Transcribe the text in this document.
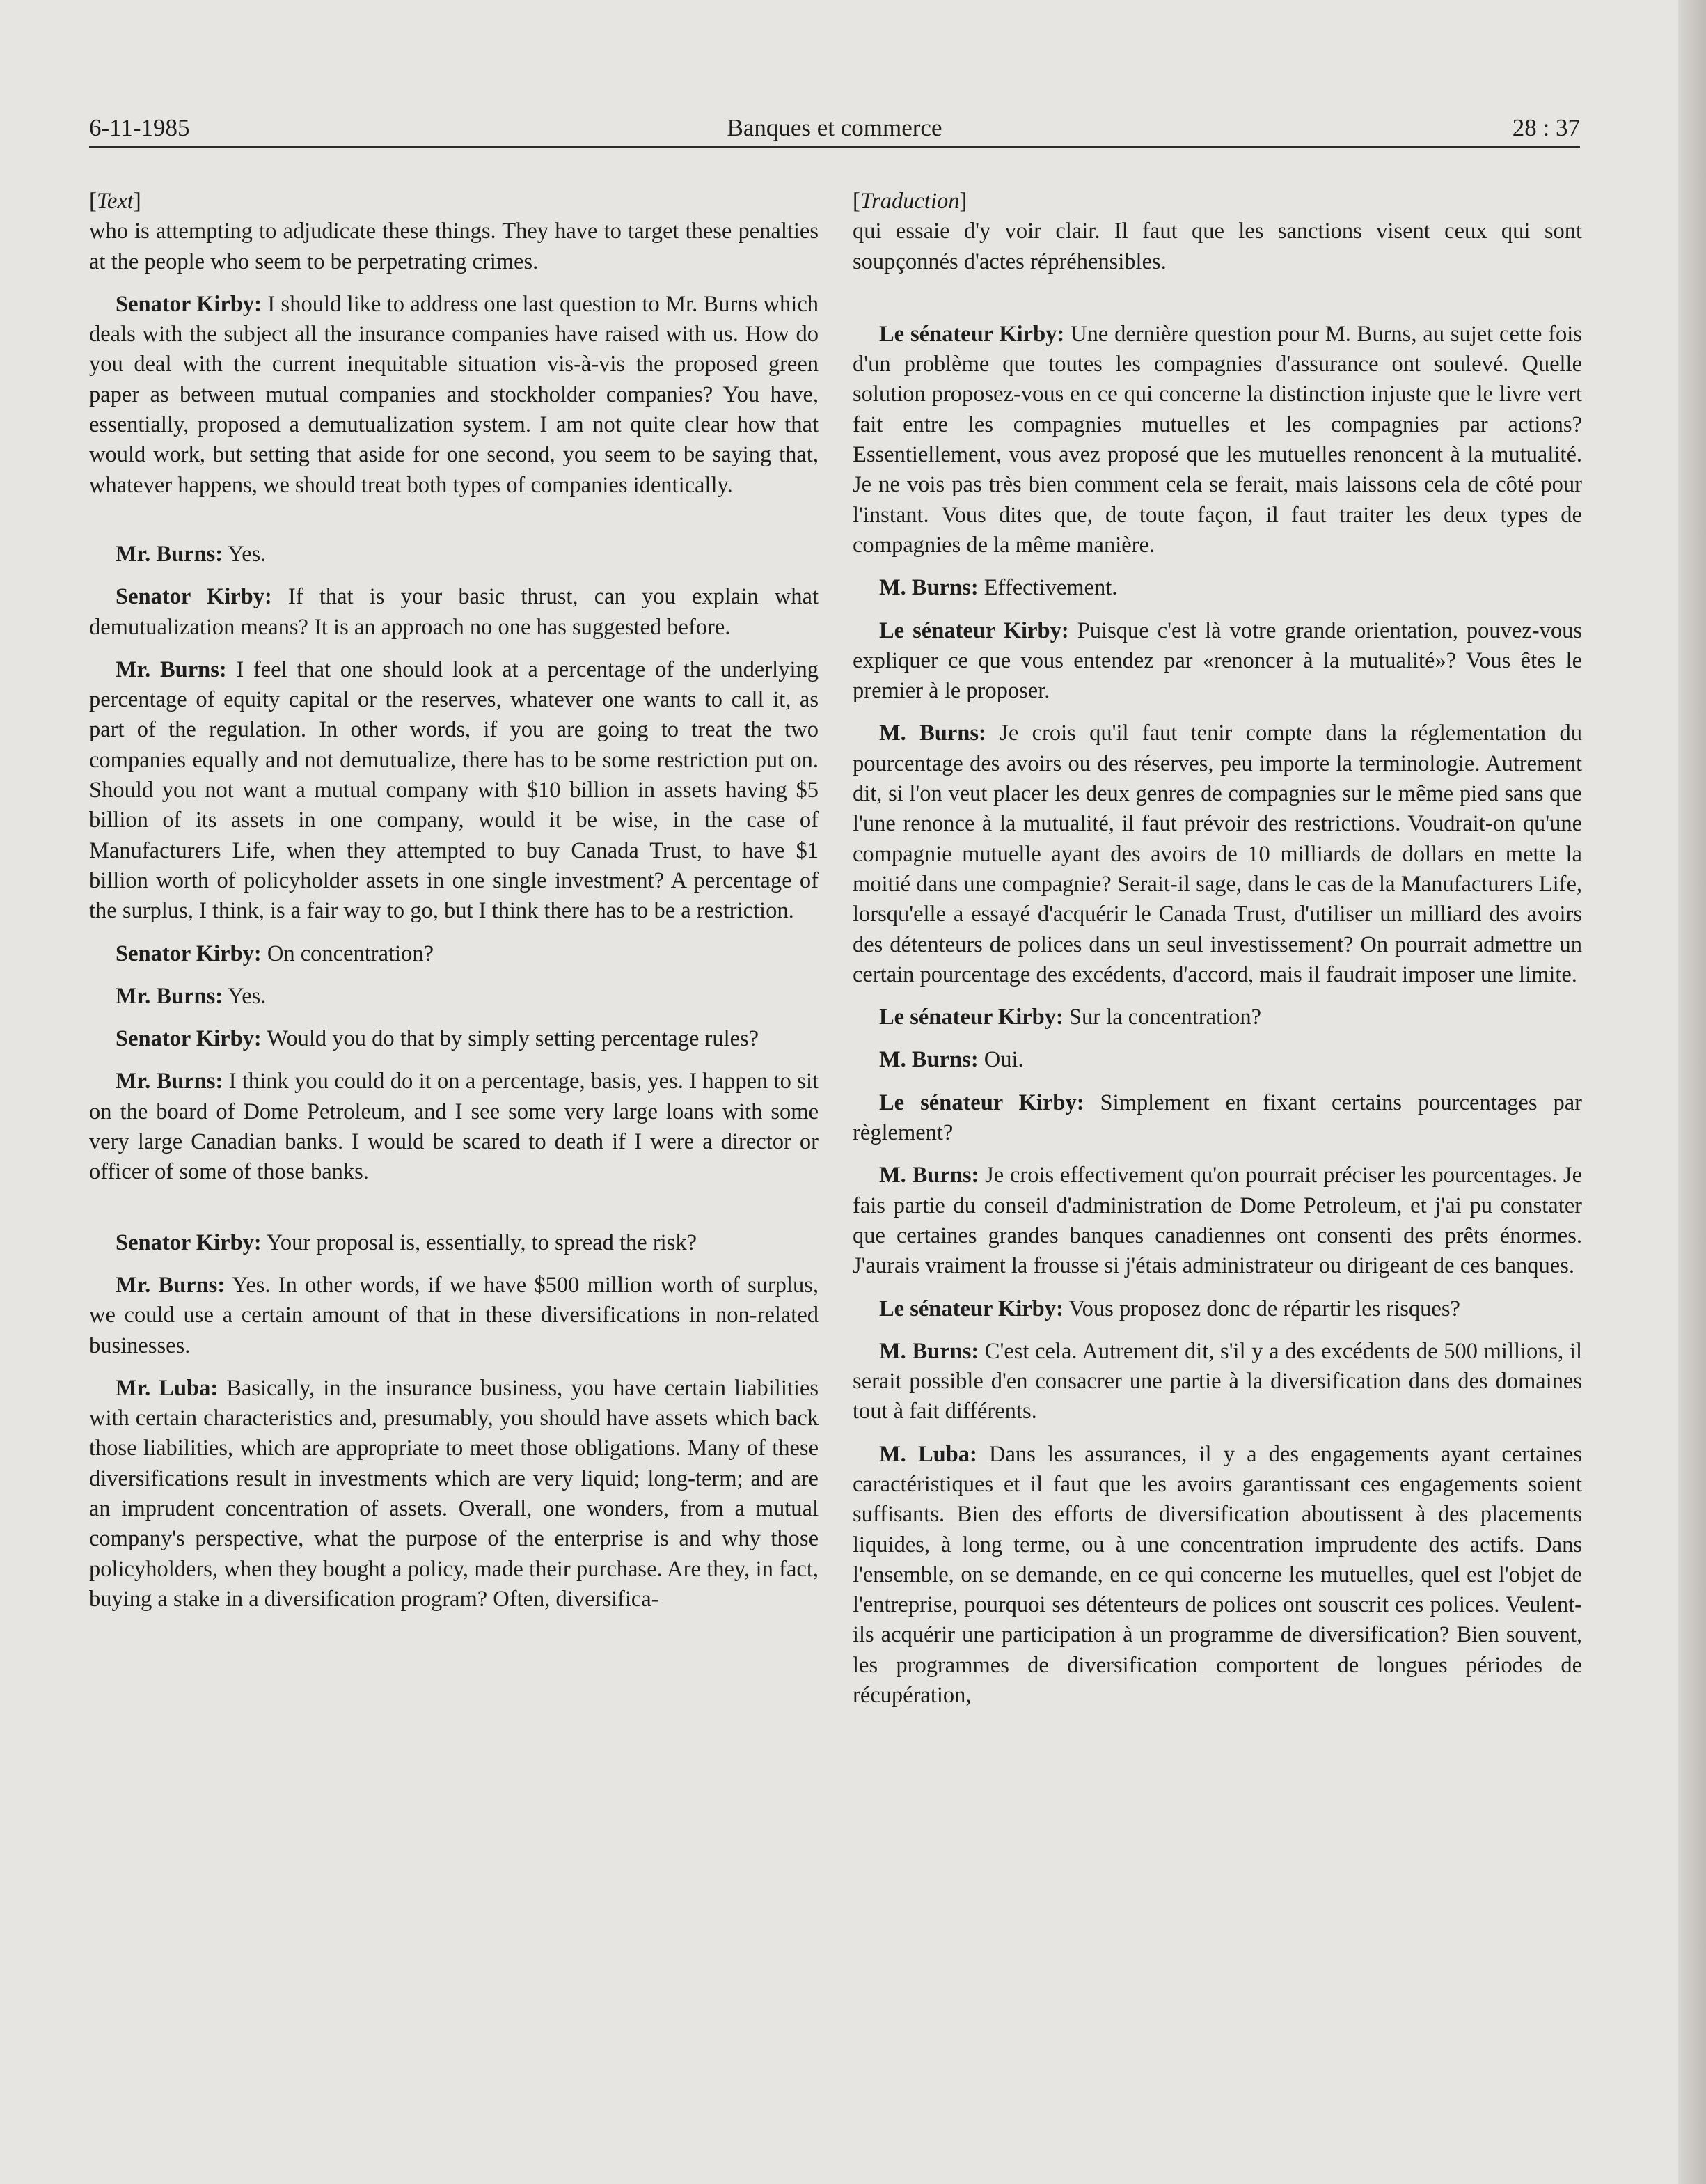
6-11-1985	Banques et commerce	28 : 37
[Text]

who is attempting to adjudicate these things. They have to target these penalties at the people who seem to be perpetrating crimes.

Senator Kirby: I should like to address one last question to Mr. Burns which deals with the subject all the insurance companies have raised with us. How do you deal with the current inequitable situation vis-à-vis the proposed green paper as between mutual companies and stockholder companies? You have, essentially, proposed a demutualization system. I am not quite clear how that would work, but setting that aside for one second, you seem to be saying that, whatever happens, we should treat both types of companies identically.

Mr. Burns: Yes.

Senator Kirby: If that is your basic thrust, can you explain what demutualization means? It is an approach no one has suggested before.

Mr. Burns: I feel that one should look at a percentage of the underlying percentage of equity capital or the reserves, whatever one wants to call it, as part of the regulation. In other words, if you are going to treat the two companies equally and not demutualize, there has to be some restriction put on. Should you not want a mutual company with $10 billion in assets having $5 billion of its assets in one company, would it be wise, in the case of Manufacturers Life, when they attempted to buy Canada Trust, to have $1 billion worth of policyholder assets in one single investment? A percentage of the surplus, I think, is a fair way to go, but I think there has to be a restriction.

Senator Kirby: On concentration?

Mr. Burns: Yes.

Senator Kirby: Would you do that by simply setting percentage rules?

Mr. Burns: I think you could do it on a percentage, basis, yes. I happen to sit on the board of Dome Petroleum, and I see some very large loans with some very large Canadian banks. I would be scared to death if I were a director or officer of some of those banks.

Senator Kirby: Your proposal is, essentially, to spread the risk?

Mr. Burns: Yes. In other words, if we have $500 million worth of surplus, we could use a certain amount of that in these diversifications in non-related businesses.

Mr. Luba: Basically, in the insurance business, you have certain liabilities with certain characteristics and, presumably, you should have assets which back those liabilities, which are appropriate to meet those obligations. Many of these diversifications result in investments which are very liquid; long-term; and are an imprudent concentration of assets. Overall, one wonders, from a mutual company's perspective, what the purpose of the enterprise is and why those policyholders, when they bought a policy, made their purchase. Are they, in fact, buying a stake in a diversification program? Often, diversifica-

[Traduction]

qui essaie d'y voir clair. Il faut que les sanctions visent ceux qui sont soupçonnés d'actes répréhensibles.

Le sénateur Kirby: Une dernière question pour M. Burns, au sujet cette fois d'un problème que toutes les compagnies d'assurance ont soulevé. Quelle solution proposez-vous en ce qui concerne la distinction injuste que le livre vert fait entre les compagnies mutuelles et les compagnies par actions? Essentiellement, vous avez proposé que les mutuelles renoncent à la mutualité. Je ne vois pas très bien comment cela se ferait, mais laissons cela de côté pour l'instant. Vous dites que, de toute façon, il faut traiter les deux types de compagnies de la même manière.

M. Burns: Effectivement.

Le sénateur Kirby: Puisque c'est là votre grande orientation, pouvez-vous expliquer ce que vous entendez par «renoncer à la mutualité»? Vous êtes le premier à le proposer.

M. Burns: Je crois qu'il faut tenir compte dans la réglementation du pourcentage des avoirs ou des réserves, peu importe la terminologie. Autrement dit, si l'on veut placer les deux genres de compagnies sur le même pied sans que l'une renonce à la mutualité, il faut prévoir des restrictions. Voudrait-on qu'une compagnie mutuelle ayant des avoirs de 10 milliards de dollars en mette la moitié dans une compagnie? Serait-il sage, dans le cas de la Manufacturers Life, lorsqu'elle a essayé d'acquérir le Canada Trust, d'utiliser un milliard des avoirs des détenteurs de polices dans un seul investissement? On pourrait admettre un certain pourcentage des excédents, d'accord, mais il faudrait imposer une limite.

Le sénateur Kirby: Sur la concentration?

M. Burns: Oui.

Le sénateur Kirby: Simplement en fixant certains pourcentages par règlement?

M. Burns: Je crois effectivement qu'on pourrait préciser les pourcentages. Je fais partie du conseil d'administration de Dome Petroleum, et j'ai pu constater que certaines grandes banques canadiennes ont consenti des prêts énormes. J'aurais vraiment la frousse si j'étais administrateur ou dirigeant de ces banques.

Le sénateur Kirby: Vous proposez donc de répartir les risques?

M. Burns: C'est cela. Autrement dit, s'il y a des excédents de 500 millions, il serait possible d'en consacrer une partie à la diversification dans des domaines tout à fait différents.

M. Luba: Dans les assurances, il y a des engagements ayant certaines caractéristiques et il faut que les avoirs garantissant ces engagements soient suffisants. Bien des efforts de diversification aboutissent à des placements liquides, à long terme, ou à une concentration imprudente des actifs. Dans l'ensemble, on se demande, en ce qui concerne les mutuelles, quel est l'objet de l'entreprise, pourquoi ses détenteurs de polices ont souscrit ces polices. Veulent-ils acquérir une participation à un programme de diversification? Bien souvent, les programmes de diversification comportent de longues périodes de récupération,
